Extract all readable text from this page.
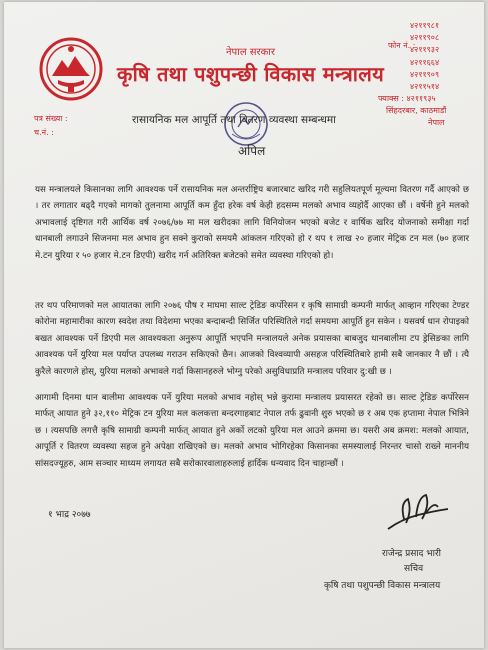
नेपाल सरकार
कृषि तथा पशुपन्छी विकास मन्त्रालय
फोन नं. :
४२११९८१
४२११९०८
४२११९३२
४२११६६४
४२११९०९
४२११५१४
फ्याक्स : ४२११९३५
सिंहदरबार, काठमाडौं
नेपाल
पत्र संख्या :
च.नं. :
रासायनिक मल आपूर्ति तथा वितरण व्यवस्था सम्बन्धमा
अपिल
यस मन्त्रालयले किसानका लागि आवश्यक पर्ने रासायनिक मल अन्तर्राष्ट्रिय बजारबाट खरिद गरी सहुलियतपूर्ण मूल्यमा वितरण गर्दै आएको छ । तर लगातार बढ्दै गएको मागको तुलनामा आपूर्ति कम हुँदा हरेक वर्ष केही हदसम्म मलको अभाव व्यहोर्दै आएका छौं । वर्षेनी हुने मलको अभावलाई दृष्टिगत गरी आर्थिक वर्ष २०७६/७७ मा मल खरीदका लागि विनियोजन भएको बजेट र वार्षिक खरिद योजनाको समीक्षा गर्दा धानबाली लगाउने सिजनमा मल अभाव हुन सक्ने कुराको समयमै आंकलन गरिएको हो र थप १ लाख २० हजार मेट्रिक टन मल (७० हजार मे.टन युरिया र ५० हजार मे.टन डिएपी) खरीद गर्न अतिरिक्त बजेटको समेत व्यवस्था गरिएको हो।
तर थप परिमाणको मल आयातका लागि २०७६ पौष र माघमा साल्ट ट्रेडिङ कर्पोरेसन र कृषि सामाग्री कम्पनी मार्फत् आव्हान गरिएका टेण्डर कोरोना महामारीका कारण स्वदेश तथा विदेशमा भएका बन्दाबन्दी सिर्जित परिस्थितिले गर्दा समयमा आपूर्ति हुन सकेन । यसवर्ष धान रोपाइको बखत आवश्यक पर्ने डिएपी मल आवश्यकता अनुरूप आपूर्ति भएपनि मन्त्रालयले अनेक प्रयासका बाबजुद धानबालीमा टप ड्रेसिङका लागि आवश्यक पर्ने युरिया मल पर्याप्त उपलब्ध गराउन सकिएको छैन। आजको विश्वव्यापी असहज परिस्थितिबारे हामी सबै जानकार नै छौं । त्यै कुरैले कारणले होस्, युरिया मलको अभावले गर्दा किसानहरुले भोग्नु परेको असुविधाप्रति मन्त्रालय परिवार दु:खी छ ।
आगामी दिनमा धान बालीमा आवश्यक पर्ने युरिया मलको अभाव नहोस् भन्ने कुरामा मन्त्रालय प्रयासरत रहेको छ। साल्ट ट्रेडिङ कर्पोरेसन मार्फत् आयात हुने ३२,११० मेट्रिक टन युरिया मल कलकत्ता बन्दरगाहबाट नेपाल तर्फ ढुवानी शुरु भएको छ र अब एक हप्तामा नेपाल भित्रिने छ । त्यसपछि लगत्तै कृषि सामाग्री कम्पनी मार्फत् आयात हुने अर्को लटको युरिया मल आउने क्रममा छ। यसरी अब क्रमश: मलको आयात, आपूर्ति र वितरण व्यवस्था सहज हुने अपेक्षा राखिएको छ। मलको अभाव भोगिरहेका किसानका समस्यालाई निरन्तर चासो राख्ने माननीय सांसदज्यूहरु, आम सञ्चार माध्यम लगायत सबै सरोकारवालाहरुलाई हार्दिक धन्यवाद दिन चाहान्छौं ।
१ भाद्र २०७७
राजेन्द्र प्रसाद भारी
सचिव
कृषि तथा पशुपन्छी विकास मन्त्रालय
